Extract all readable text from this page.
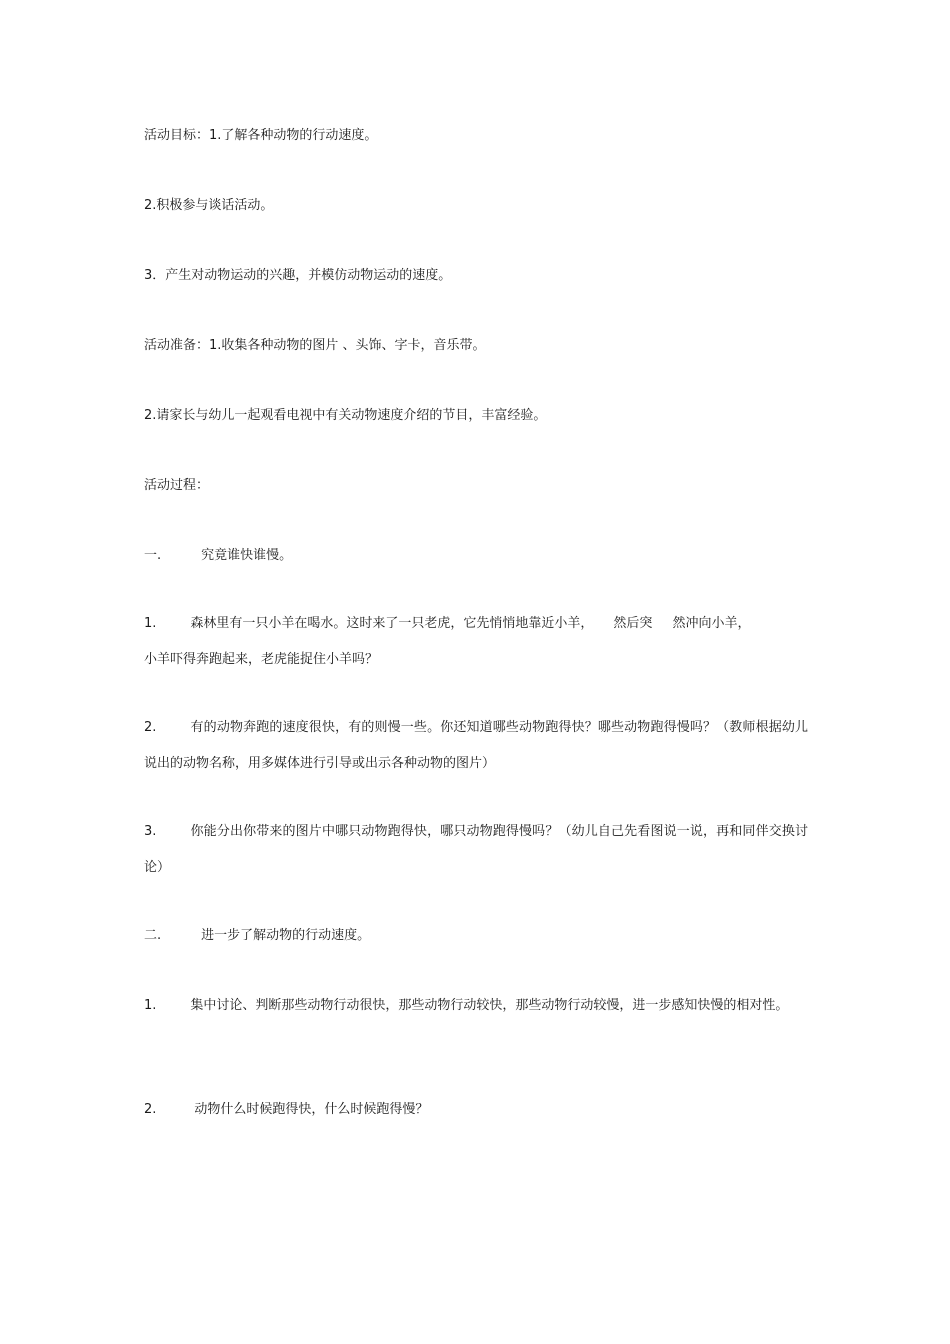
活动目标：1.了解各种动物的行动速度。

2.积极参与谈话活动。

3．产生对动物运动的兴趣，并模仿动物运动的速度。

活动准备：1.收集各种动物的图片 、头饰、字卡，音乐带。

2.请家长与幼儿一起观看电视中有关动物速度介绍的节目，丰富经验。

活动过程：

一.	究竟谁快谁慢。

1.	森林里有一只小羊在喝水。这时来了一只老虎，它先悄悄地靠近小羊， 然后突 然冲向小羊，
小羊吓得奔跑起来，老虎能捉住小羊吗？
2.	有的动物奔跑的速度很快，有的则慢一些。你还知道哪些动物跑得快？哪些动物跑得慢吗？（教师根据幼儿说出的动物名称，用多媒体进行引导或出示各种动物的图片）
3.	你能分出你带来的图片中哪只动物跑得快，哪只动物跑得慢吗？（幼儿自己先看图说一说，再和同伴交换讨论）

二.	进一步了解动物的行动速度。

1.	集中讨论、判断那些动物行动很快，那些动物行动较快，那些动物行动较慢，进一步感知快慢的相对性。
2.	动物什么时候跑得快，什么时候跑得慢？
